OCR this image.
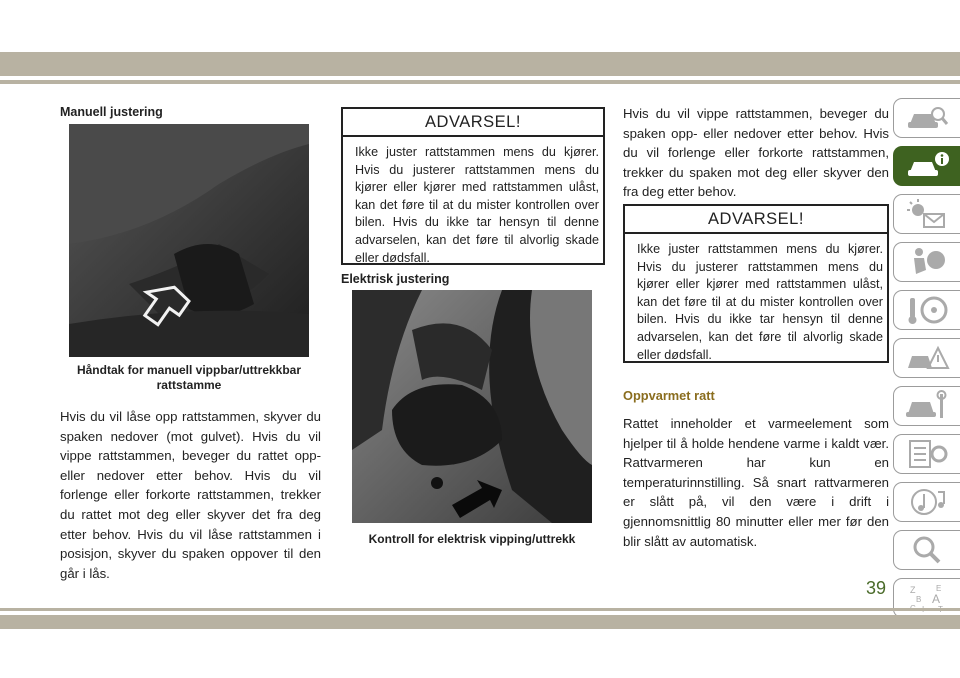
Manuell justering
Håndtak for manuell vippbar/uttrekkbar rattstamme
Hvis du vil låse opp rattstammen, skyver du spaken nedover (mot gulvet). Hvis du vil vippe rattstammen, beveger du rattet opp- eller nedover etter behov. Hvis du vil forlenge eller forkorte rattstammen, trekker du rattet mot deg eller skyver det fra deg etter behov. Hvis du vil låse rattstammen i posisjon, skyver du spaken oppover til den går i lås.
ADVARSEL!
Ikke juster rattstammen mens du kjører. Hvis du justerer rattstammen mens du kjører eller kjører med rattstammen ulåst, kan det føre til at du mister kontrollen over bilen. Hvis du ikke tar hensyn til denne advarselen, kan det føre til alvorlig skade eller dødsfall.
Elektrisk justering
Kontroll for elektrisk vipping/uttrekk
Hvis du vil vippe rattstammen, beveger du spaken opp- eller nedover etter behov. Hvis du vil forlenge eller forkorte rattstammen, trekker du spaken mot deg eller skyver den fra deg etter behov.
ADVARSEL!
Ikke juster rattstammen mens du kjører. Hvis du justerer rattstammen mens du kjører eller kjører med rattstammen ulåst, kan det føre til at du mister kontrollen over bilen. Hvis du ikke tar hensyn til denne advarselen, kan det føre til alvorlig skade eller dødsfall.
Oppvarmet ratt
Rattet inneholder et varmeelement som hjelper til å holde hendene varme i kaldt vær. Rattvarmeren har kun en temperaturinnstilling. Så snart rattvarmeren er slått på, vil den være i drift i gjennomsnittlig 80 minutter eller mer før den blir slått av automatisk.
Z	E
B A
39
